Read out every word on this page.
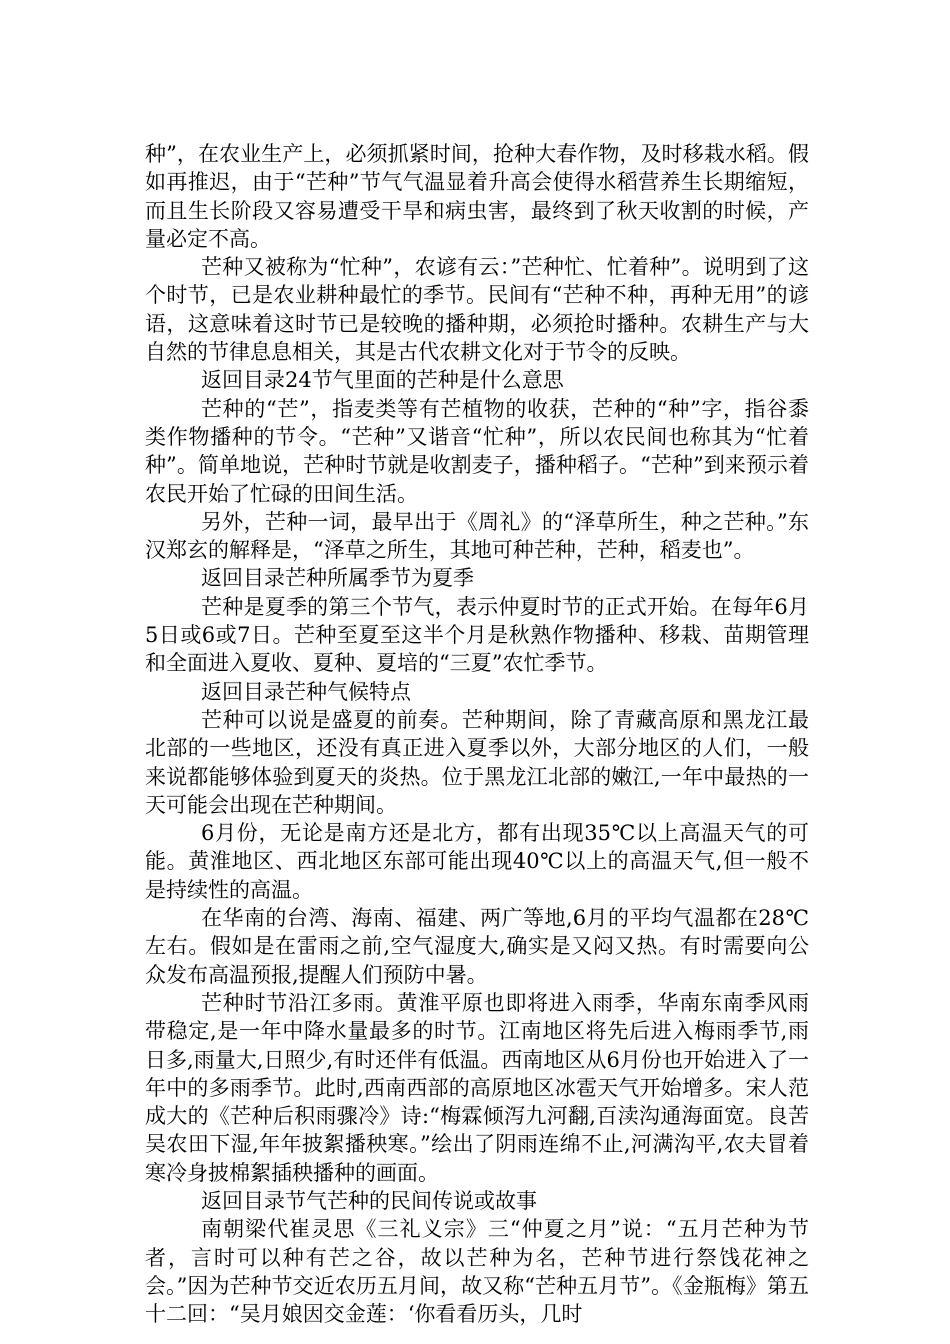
种”，在农业生产上，必须抓紧时间，抢种大春作物，及时移栽水稻。假如再推迟，由于“芒种”节气气温显着升高会使得水稻营养生长期缩短，而且生长阶段又容易遭受干旱和病虫害，最终到了秋天收割的时候，产量必定不高。

芒种又被称为“忙种”，农谚有云：”芒种忙、忙着种”。说明到了这个时节，已是农业耕种最忙的季节。民间有“芒种不种，再种无用”的谚语，这意味着这时节已是较晚的播种期，必须抢时播种。农耕生产与大自然的节律息息相关，其是古代农耕文化对于节令的反映。

返回目录24节气里面的芒种是什么意思

芒种的“芒”，指麦类等有芒植物的收获，芒种的“种”字，指谷黍类作物播种的节令。“芒种”又谐音“忙种”，所以农民间也称其为“忙着种”。简单地说，芒种时节就是收割麦子，播种稻子。“芒种”到来预示着农民开始了忙碌的田间生活。

另外，芒种一词，最早出于《周礼》的“泽草所生，种之芒种。”东汉郑玄的解释是，“泽草之所生，其地可种芒种，芒种，稻麦也”。

返回目录芒种所属季节为夏季

芒种是夏季的第三个节气，表示仲夏时节的正式开始。在每年6月5日或6或7日。芒种至夏至这半个月是秋熟作物播种、移栽、苗期管理和全面进入夏收、夏种、夏培的“三夏”农忙季节。

返回目录芒种气候特点

芒种可以说是盛夏的前奏。芒种期间，除了青藏高原和黑龙江最北部的一些地区，还没有真正进入夏季以外，大部分地区的人们，一般来说都能够体验到夏天的炎热。位于黑龙江北部的嫩江,一年中最热的一天可能会出现在芒种期间。

6月份，无论是南方还是北方，都有出现35℃以上高温天气的可能。黄淮地区、西北地区东部可能出现40℃以上的高温天气,但一般不是持续性的高温。

在华南的台湾、海南、福建、两广等地,6月的平均气温都在28℃左右。假如是在雷雨之前,空气湿度大,确实是又闷又热。有时需要向公众发布高温预报,提醒人们预防中暑。

芒种时节沿江多雨。黄淮平原也即将进入雨季，华南东南季风雨带稳定,是一年中降水量最多的时节。江南地区将先后进入梅雨季节,雨日多,雨量大,日照少,有时还伴有低温。西南地区从6月份也开始进入了一年中的多雨季节。此时,西南西部的高原地区冰雹天气开始增多。宋人范成大的《芒种后积雨骤冷》诗:“梅霖倾泻九河翻,百渎沟通海面宽。良苦吴农田下湿,年年披絮播秧寒。”绘出了阴雨连绵不止,河满沟平,农夫冒着寒冷身披棉絮插秧播种的画面。

返回目录节气芒种的民间传说或故事

南朝梁代崔灵思《三礼义宗》三“仲夏之月”说：“五月芒种为节者，言时可以种有芒之谷，故以芒种为名，芒种节进行祭饯花神之会。”因为芒种节交近农历五月间，故又称“芒种五月节”。《金瓶梅》第五十二回：“吴月娘因交金莲：‘你看看历头，几时
